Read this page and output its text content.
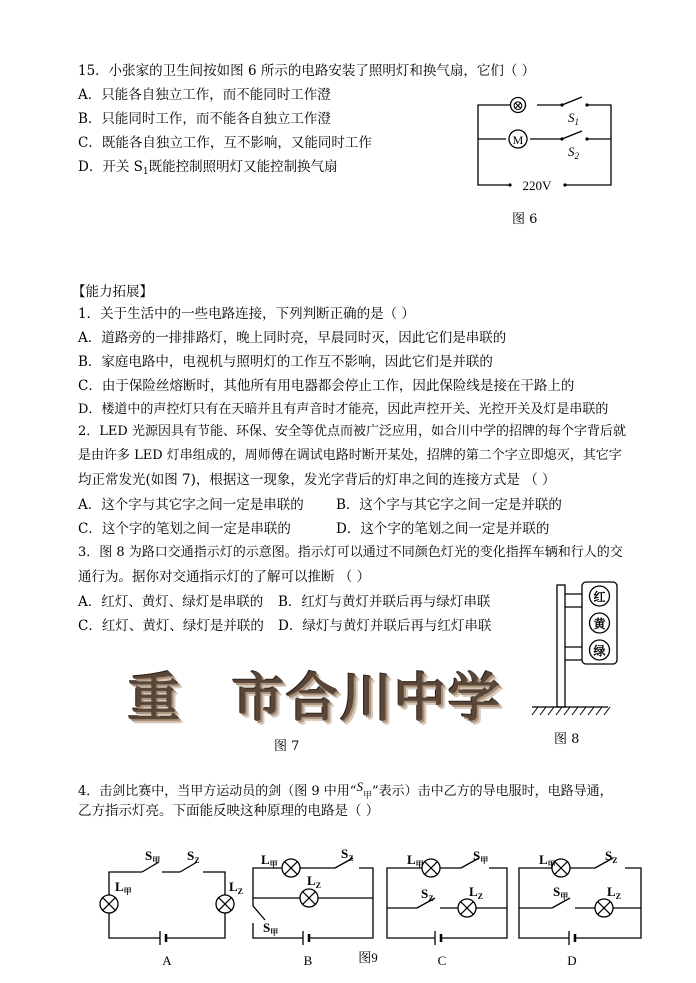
15．小张家的卫生间按如图 6 所示的电路安装了照明灯和换气扇，它们（ ）
A．只能各自独立工作，而不能同时工作澄
B．只能同时工作，而不能各自独立工作澄
C．既能各自独立工作，互不影响，又能同时工作
D．开关 $S_1$既能控制照明灯又能控制换气扇
⊗
M
$S_1$
$S_2$
220V
图 6
【能力拓展】
1．关于生活中的一些电路连接，下列判断正确的是（ ）
A．道路旁的一排排路灯，晚上同时亮，早晨同时灭，因此它们是串联的
B．家庭电路中，电视机与照明灯的工作互不影响，因此它们是并联的
C．由于保险丝熔断时，其他所有用电器都会停止工作，因此保险线是接在干路上的
D．楼道中的声控灯只有在天暗并且有声音时才能亮，因此声控开关、光控开关及灯是串联的
2．LED 光源因具有节能、环保、安全等优点而被广泛应用，如合川中学的招牌的每个字背后就
是由许多 LED 灯串组成的，周师傅在调试电路时断开某处，招牌的第二个字立即熄灭，其它字
均正常发光(如图 7)，根据这一现象，发光字背后的灯串之间的连接方式是 （ ）
A．这个字与其它字之间一定是串联的 B．这个字与其它字之间一定是并联的
C．这个字的笔划之间一定是串联的	D．这个字的笔划之间一定是并联的
3．图 8 为路口交通指示灯的示意图。指示灯可以通过不同颜色灯光的变化指挥车辆和行人的交
通行为。据你对交通指示灯的了解可以推断 （ ）
A．红灯、黄灯、绿灯是串联的 B．红灯与黄灯并联后再与绿灯串联
C．红灯、黄灯、绿灯是并联的 D．绿灯与黄灯并联后再与红灯串联
红
黄
绿
图 8
重 市合川中学
图 7
4．击剑比赛中，当甲方运动员的剑（图 9 中用“$S_甲$”表示）击中乙方的导电服时，电路导通，
乙方指示灯亮。下面能反映这种原理的电路是（ ）
$L_甲$	$L_Z$
$S_甲$ $S_Z$
A
$L_甲$
$L_Z$
$S_Z$
$S_甲$
B
$L_甲$
$S_甲$
$S_Z$	$L_Z$
C
$L_甲$
$S_Z$
$S_甲$	$L_Z$
D
图9
